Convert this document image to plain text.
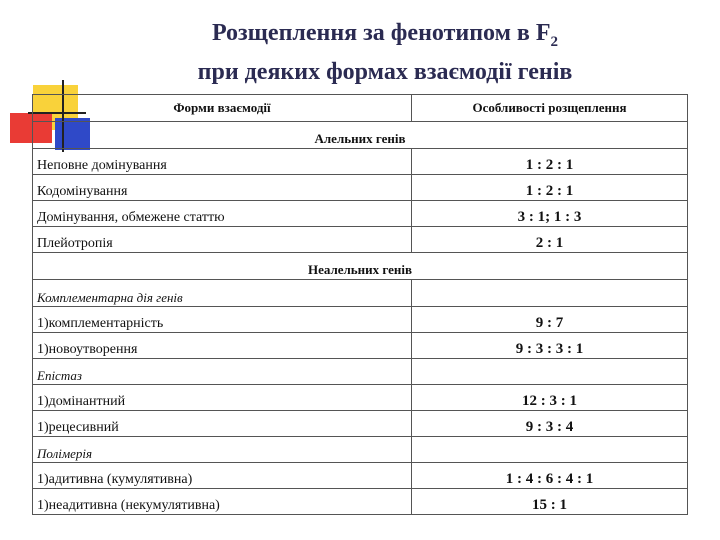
Розщеплення за фенотипом в $F_2$
при деяких формах взаємодії генів
Форми взаємодії	Особливості розщеплення
Алельних генів	
Неповне домінування	1 : 2 : 1
Кодомінування	1 : 2 : 1
Домінування, обмежене статтю	3 : 1; 1 : 3
Плейотропія	2 : 1
Неалельних генів	
Комплементарна дія генів	
1)комплементарність	9 : 7
1)новоутворення	9 : 3 : 3 : 1
Епістаз	
1)домінантний	12 : 3 : 1
1)рецесивний	9 : 3 : 4
Полімерія	
1)адитивна (кумулятивна)	1 : 4 : 6 : 4 : 1
1)неадитивна (некумулятивна)	15 : 1
